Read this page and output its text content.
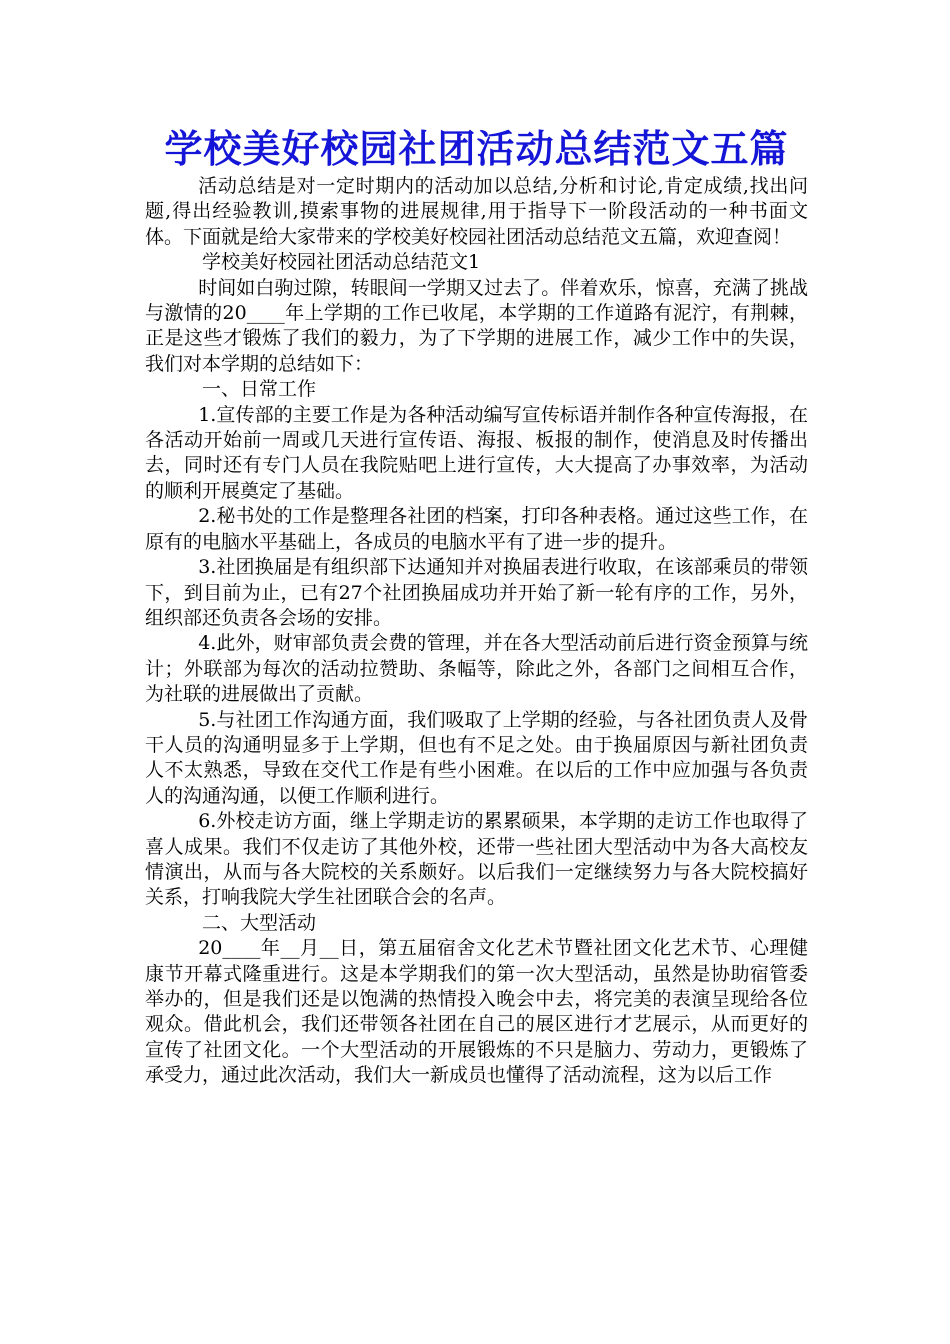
学校美好校园社团活动总结范文五篇

活动总结是对一定时期内的活动加以总结,分析和讨论,肯定成绩,找出问题,得出经验教训,摸索事物的进展规律,用于指导下一阶段活动的一种书面文体。下面就是给大家带来的学校美好校园社团活动总结范文五篇，欢迎查阅！

学校美好校园社团活动总结范文1

时间如白驹过隙，转眼间一学期又过去了。伴着欢乐，惊喜，充满了挑战与激情的20____年上学期的工作已收尾，本学期的工作道路有泥泞，有荆棘，正是这些才锻炼了我们的毅力，为了下学期的进展工作，减少工作中的失误，我们对本学期的总结如下：

一、日常工作

1.宣传部的主要工作是为各种活动编写宣传标语并制作各种宣传海报，在各活动开始前一周或几天进行宣传语、海报、板报的制作，使消息及时传播出去，同时还有专门人员在我院贴吧上进行宣传，大大提高了办事效率，为活动的顺利开展奠定了基础。

2.秘书处的工作是整理各社团的档案，打印各种表格。通过这些工作，在原有的电脑水平基础上，各成员的电脑水平有了进一步的提升。

3.社团换届是有组织部下达通知并对换届表进行收取，在该部乘员的带领下，到目前为止，已有27个社团换届成功并开始了新一轮有序的工作，另外，组织部还负责各会场的安排。

4.此外，财审部负责会费的管理，并在各大型活动前后进行资金预算与统计；外联部为每次的活动拉赞助、条幅等，除此之外，各部门之间相互合作，为社联的进展做出了贡献。

5.与社团工作沟通方面，我们吸取了上学期的经验，与各社团负责人及骨干人员的沟通明显多于上学期，但也有不足之处。由于换届原因与新社团负责人不太熟悉，导致在交代工作是有些小困难。在以后的工作中应加强与各负责人的沟通沟通，以便工作顺利进行。

6.外校走访方面，继上学期走访的累累硕果，本学期的走访工作也取得了喜人成果。我们不仅走访了其他外校，还带一些社团大型活动中为各大高校友情演出，从而与各大院校的关系颇好。以后我们一定继续努力与各大院校搞好关系，打响我院大学生社团联合会的名声。

二、大型活动

20____年__月__日，第五届宿舍文化艺术节暨社团文化艺术节、心理健康节开幕式隆重进行。这是本学期我们的第一次大型活动，虽然是协助宿管委举办的，但是我们还是以饱满的热情投入晚会中去，将完美的表演呈现给各位观众。借此机会，我们还带领各社团在自己的展区进行才艺展示，从而更好的宣传了社团文化。一个大型活动的开展锻炼的不只是脑力、劳动力，更锻炼了承受力，通过此次活动，我们大一新成员也懂得了活动流程，这为以后工作
